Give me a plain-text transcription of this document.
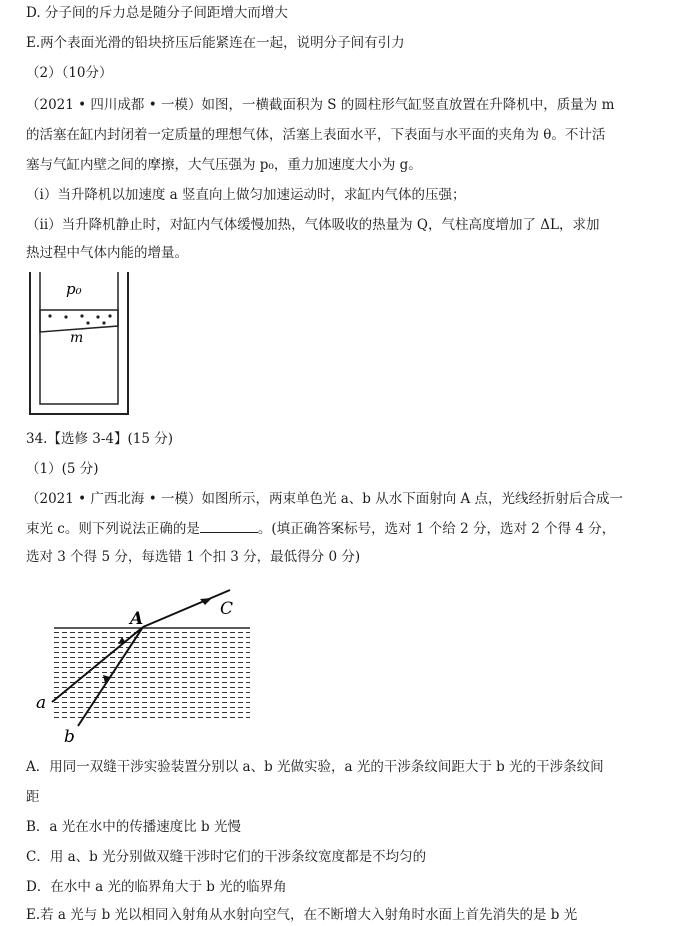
D. 分子间的斥力总是随分子间距增大而增大
E.两个表面光滑的铅块挤压后能紧连在一起，说明分子间有引力
（2）（10分）
（2021 • 四川成都 • 一模）如图，一横截面积为 S 的圆柱形气缸竖直放置在升降机中，质量为 m
的活塞在缸内封闭着一定质量的理想气体，活塞上表面水平，下表面与水平面的夹角为 θ。不计活
塞与气缸内壁之间的摩擦，大气压强为 p₀，重力加速度大小为 g。
（i）当升降机以加速度 a 竖直向上做匀加速运动时，求缸内气体的压强；
（ii）当升降机静止时，对缸内气体缓慢加热，气体吸收的热量为 Q，气柱高度增加了 ΔL，求加
热过程中气体内能的增量。
p₀
m
34.【选修 3-4】(15 分)
（1）(5 分)
（2021 • 广西北海 • 一模）如图所示，两束单色光 a、b 从水下面射向 A 点，光线经折射后合成一
束光 c。则下列说法正确的是	。(填正确答案标号，选对 1 个给 2 分，选对 2 个得 4 分，
选对 3 个得 5 分，每选错 1 个扣 3 分，最低得分 0 分)
A	C
a
b
A．用同一双缝干涉实验装置分别以 a、b 光做实验，a 光的干涉条纹间距大于 b 光的干涉条纹间
距
B．a 光在水中的传播速度比 b 光慢
C．用 a、b 光分别做双缝干涉时它们的干涉条纹宽度都是不均匀的
D．在水中 a 光的临界角大于 b 光的临界角
E.若 a 光与 b 光以相同入射角从水射向空气，在不断增大入射角时水面上首先消失的是 b 光
